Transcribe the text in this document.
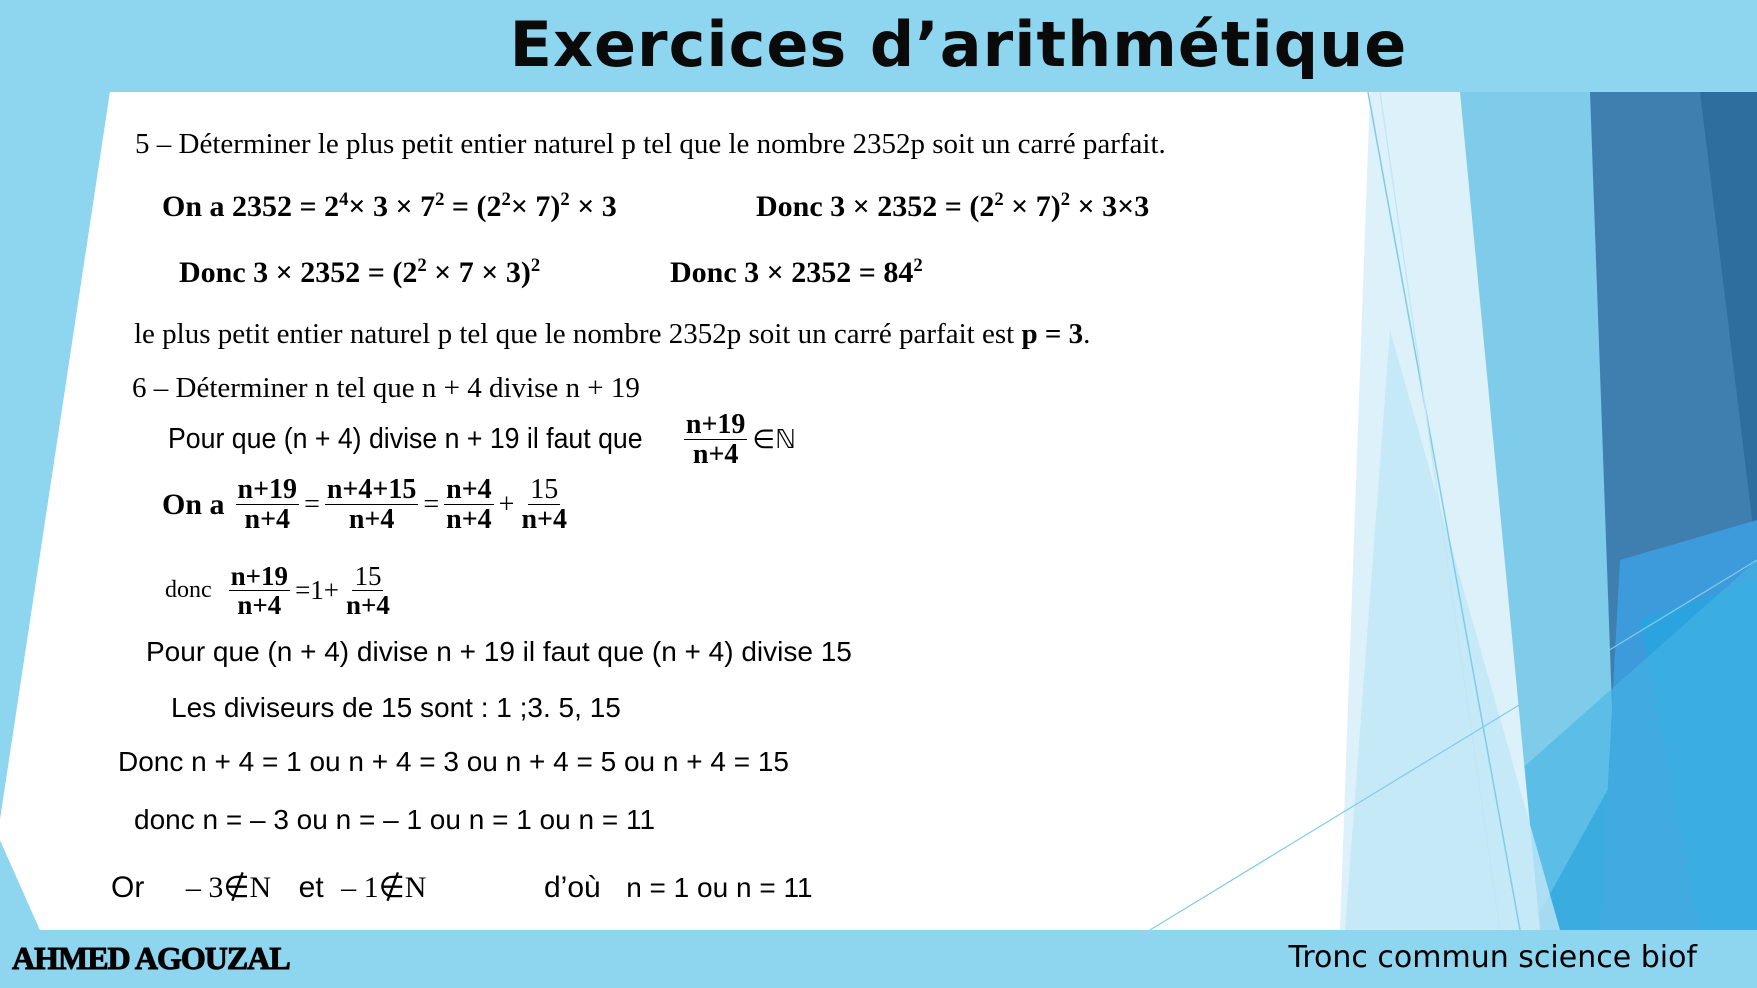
Exercices d’arithmétique
5 – Déterminer le plus petit entier naturel p tel que le nombre 2352p soit un carré parfait.
On a $2352 = 2^4\times 3 \times 7^2 = (2^2\times 7)^2 \times 3$	Donc $3 \times 2352 = (2^2 \times 7)^2 \times 3\times 3$
Donc $3 \times 2352 = (2^2 \times 7 \times 3)^2$	Donc $3 \times 2352 = 84^2$
le plus petit entier naturel p tel que le nombre 2352p soit un carré parfait est p = 3.
6 – Déterminer n tel que n + 4 divise n + 19
Pour que (n + 4) divise n + 19 il faut que $\frac{n+19}{n+4}$ ∈ℕ
On a $\frac{n+19}{n+4} = \frac{n+4+15}{n+4} = \frac{n+4}{n+4} + \frac{15}{n+4}$
donc $\frac{n+19}{n+4} =1+ \frac{15}{n+4}$
Pour que (n + 4) divise n + 19 il faut que (n + 4) divise 15
Les diviseurs de 15 sont : 1 ;3. 5, 15
Donc n + 4 = 1 ou n + 4 = 3 ou n + 4 = 5 ou n + 4 = 15
donc n = – 3 ou n = – 1 ou n = 1 ou n = 11
Or – 3∉N et – 1∉N	d’où n = 1 ou n = 11
AHMED AGOUZAL	Tronc commun science biof
